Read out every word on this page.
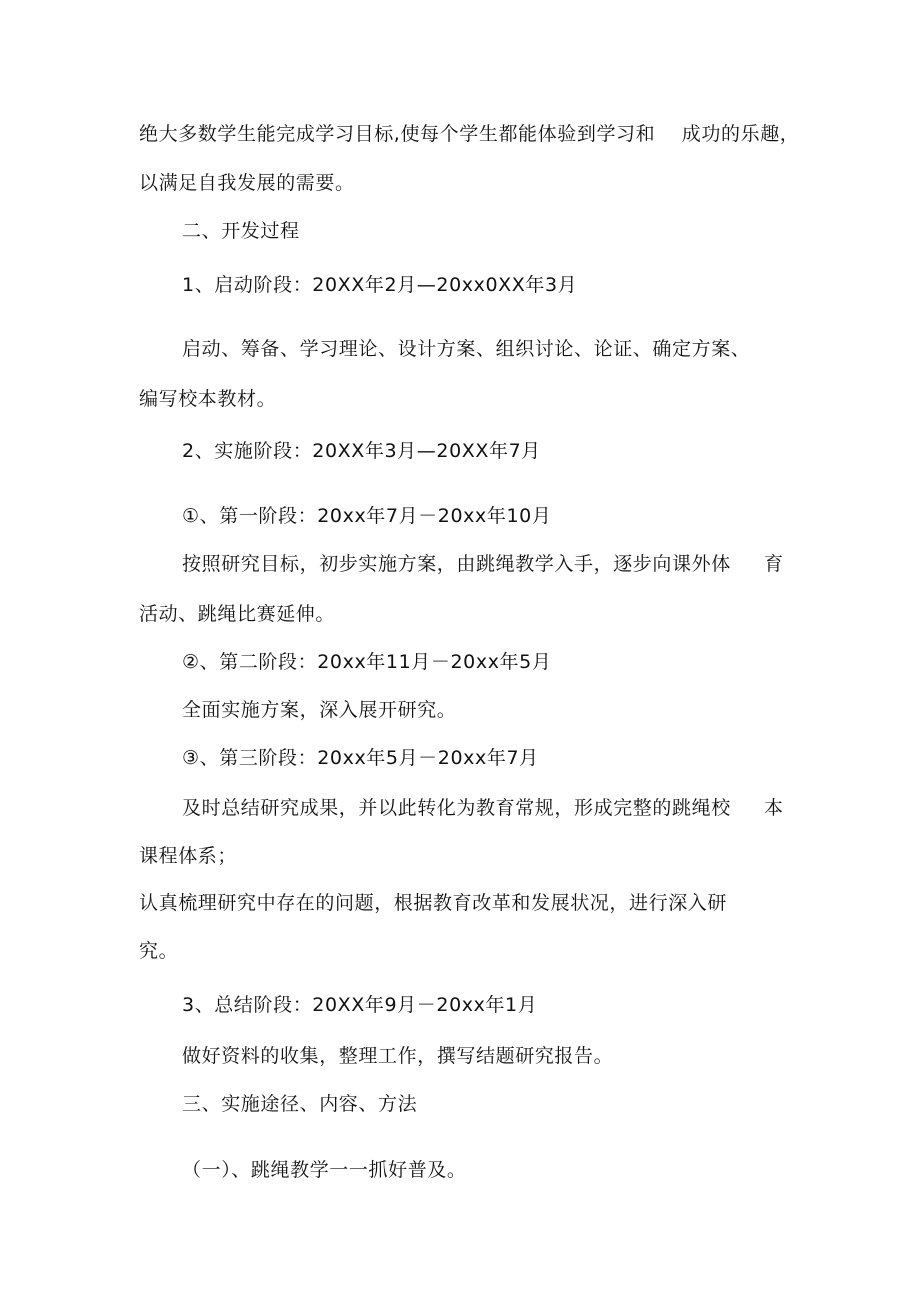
绝大多数学生能完成学习目标,使每个学生都能体验到学习和    成功的乐趣，
以满足自我发展的需要。
二、开发过程
1、启动阶段：20XX年2月—20xx0XX年3月
启动、筹备、学习理论、设计方案、组织讨论、论证、确定方案、
编写校本教材。
2、实施阶段：20XX年3月—20XX年7月
①、第一阶段：20xx年7月－20xx年10月
按照研究目标，初步实施方案，由跳绳教学入手，逐步向课外体     育
活动、跳绳比赛延伸。
②、第二阶段：20xx年11月－20xx年5月
全面实施方案，深入展开研究。
③、第三阶段：20xx年5月－20xx年7月
及时总结研究成果，并以此转化为教育常规，形成完整的跳绳校     本
课程体系；
认真梳理研究中存在的问题，根据教育改革和发展状况，进行深入研
究。
3、总结阶段：20XX年9月－20xx年1月
做好资料的收集，整理工作，撰写结题研究报告。
三、实施途径、内容、方法
（一）、跳绳教学一一抓好普及。
